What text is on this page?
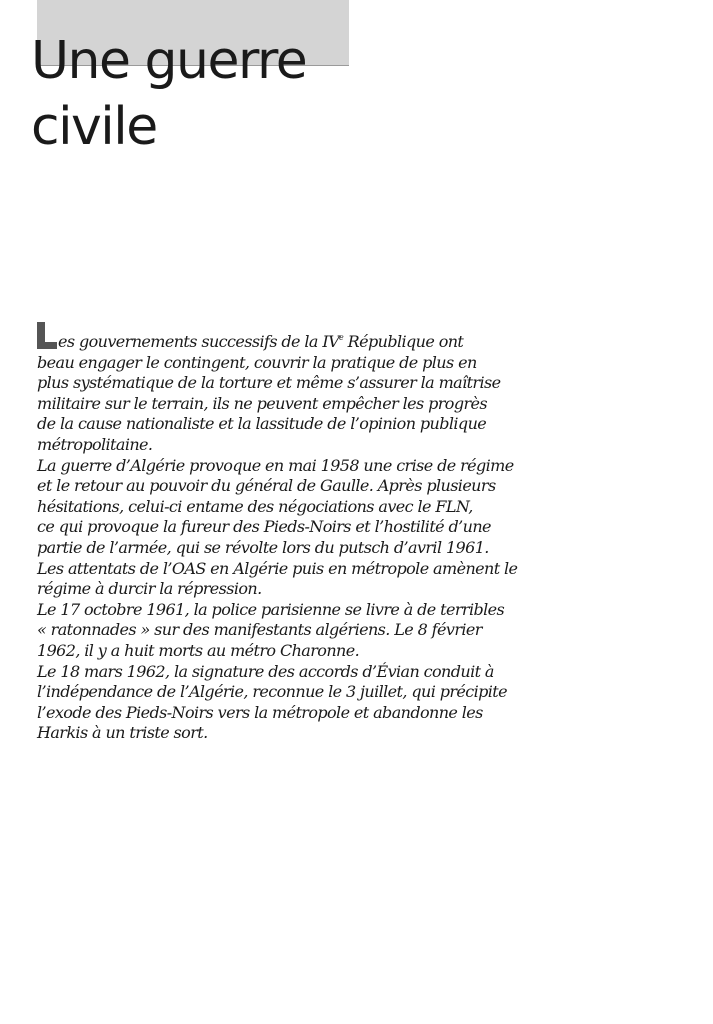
Une guerre
civile
es gouvernements successifs de la IVe République ont
beau engager le contingent, couvrir la pratique de plus en
plus systématique de la torture et même s’assurer la maîtrise
militaire sur le terrain, ils ne peuvent empêcher les progrès
de la cause nationaliste et la lassitude de l’opinion publique
métropolitaine.
La guerre d’Algérie provoque en mai 1958 une crise de régime
et le retour au pouvoir du général de Gaulle. Après plusieurs
hésitations, celui-ci entame des négociations avec le FLN,
ce qui provoque la fureur des Pieds-Noirs et l’hostilité d’une
partie de l’armée, qui se révolte lors du putsch d’avril 1961.
Les attentats de l’OAS en Algérie puis en métropole amènent le
régime à durcir la répression.
Le 17 octobre 1961, la police parisienne se livre à de terribles
« ratonnades » sur des manifestants algériens. Le 8 février
1962, il y a huit morts au métro Charonne.
Le 18 mars 1962, la signature des accords d’Évian conduit à
l’indépendance de l’Algérie, reconnue le 3 juillet, qui précipite
l’exode des Pieds-Noirs vers la métropole et abandonne les
Harkis à un triste sort.
